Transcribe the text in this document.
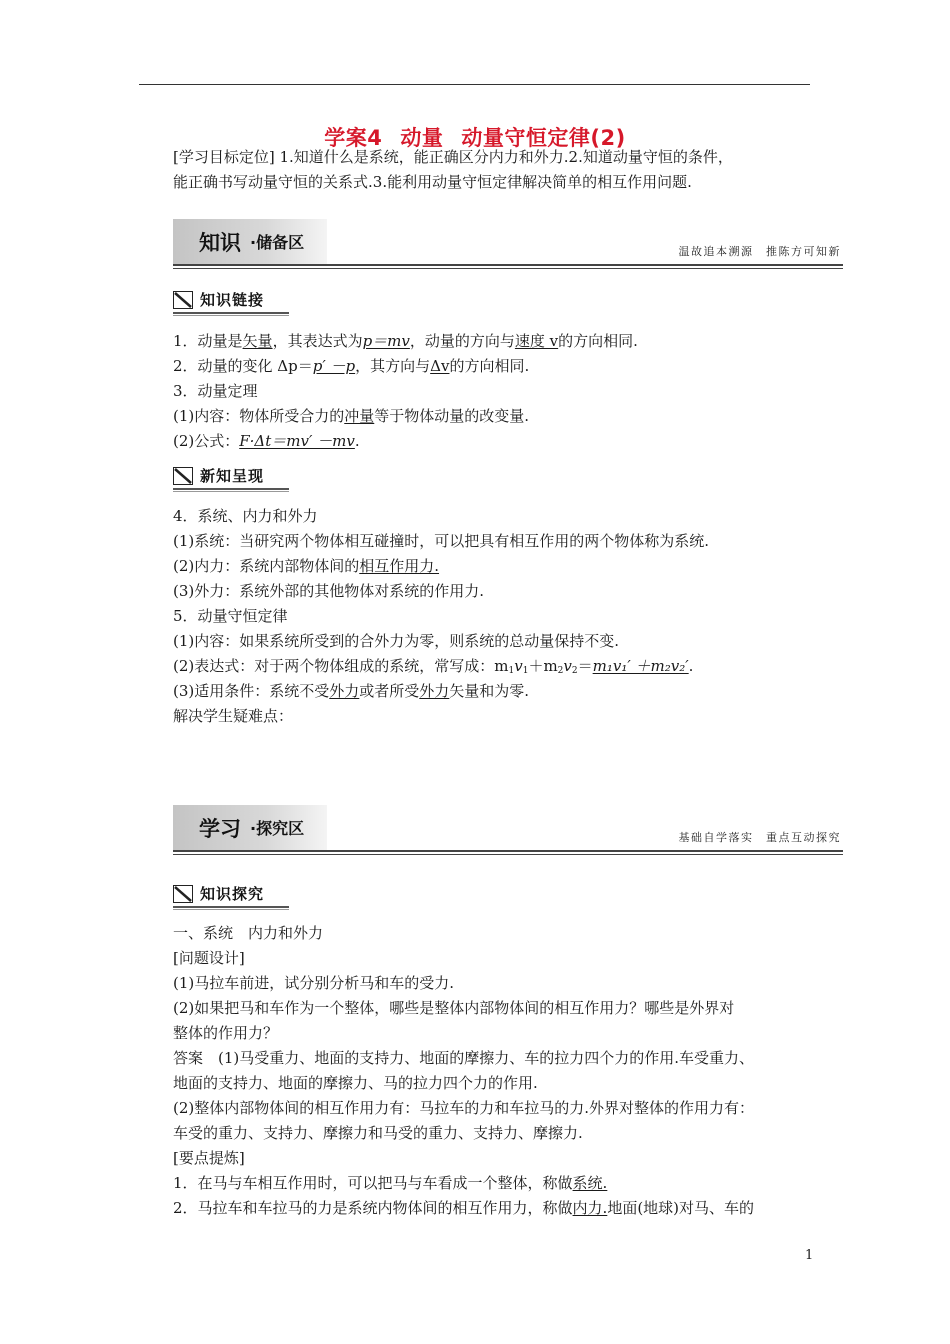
学案4 动量 动量守恒定律(2)
[学习目标定位] 1.知道什么是系统，能正确区分内力和外力.2.知道动量守恒的条件，
能正确书写动量守恒的关系式.3.能利用动量守恒定律解决简单的相互作用问题.
知识 ·储备区	温故追本溯源　推陈方可知新
知识链接
1．动量是矢量，其表达式为p＝mv，动量的方向与速度 v的方向相同.
2．动量的变化 Δp＝p′ －p，其方向与Δv的方向相同.
3．动量定理
(1)内容：物体所受合力的冲量等于物体动量的改变量.
(2)公式：F·Δt＝mv′ －mv.
新知呈现
4．系统、内力和外力
(1)系统：当研究两个物体相互碰撞时，可以把具有相互作用的两个物体称为系统.
(2)内力：系统内部物体间的相互作用力.
(3)外力：系统外部的其他物体对系统的作用力.
5．动量守恒定律
(1)内容：如果系统所受到的合外力为零，则系统的总动量保持不变.
(2)表达式：对于两个物体组成的系统，常写成：$m_1v_1+m_2v_2=m_1v_1' +m_2v_2'$.
(3)适用条件：系统不受外力或者所受外力矢量和为零.
解决学生疑难点：
学习 ·探究区	基础自学落实　重点互动探究
知识探究
一、系统　内力和外力
[问题设计]
(1)马拉车前进，试分别分析马和车的受力.
(2)如果把马和车作为一个整体，哪些是整体内部物体间的相互作用力？哪些是外界对
整体的作用力？
答案　(1)马受重力、地面的支持力、地面的摩擦力、车的拉力四个力的作用.车受重力、
地面的支持力、地面的摩擦力、马的拉力四个力的作用.
(2)整体内部物体间的相互作用力有：马拉车的力和车拉马的力.外界对整体的作用力有：
车受的重力、支持力、摩擦力和马受的重力、支持力、摩擦力.
[要点提炼]
1．在马与车相互作用时，可以把马与车看成一个整体，称做系统.
2．马拉车和车拉马的力是系统内物体间的相互作用力，称做内力.地面(地球)对马、车的
1
